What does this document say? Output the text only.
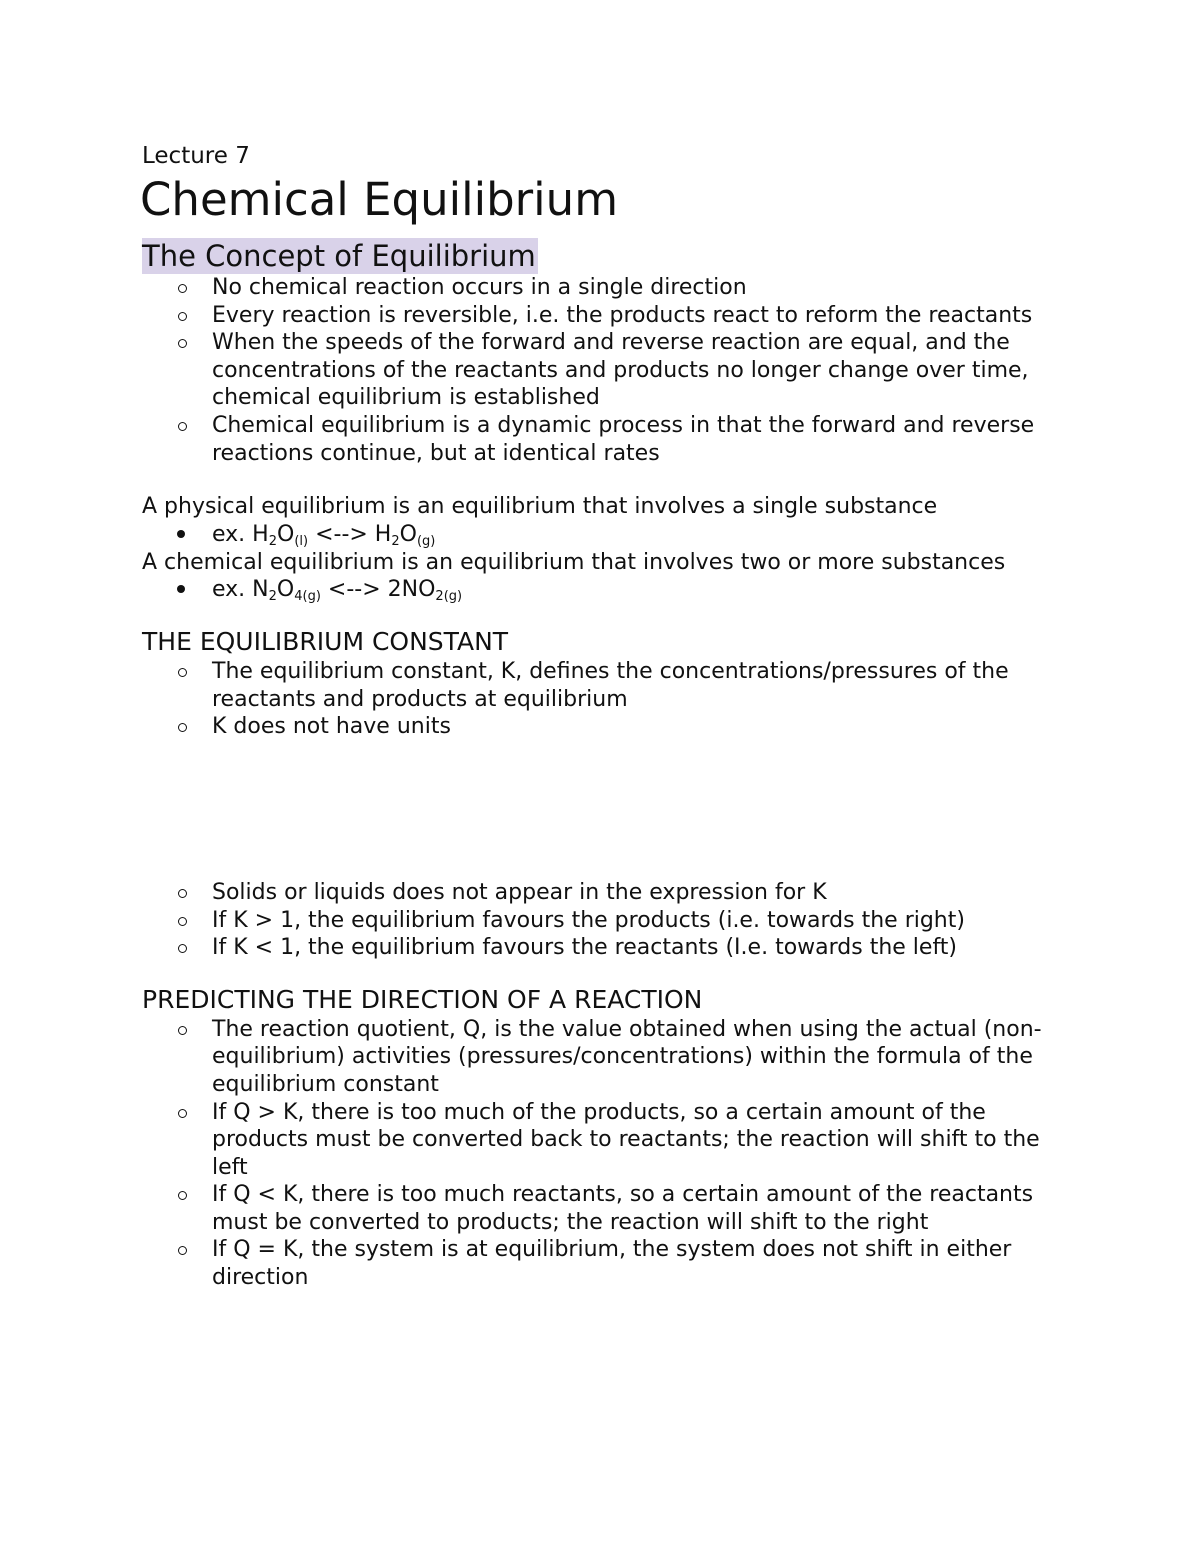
Lecture 7

Chemical Equilibrium
The Concept of Equilibrium
No chemical reaction occurs in a single direction
Every reaction is reversible, i.e. the products react to reform the reactants
When the speeds of the forward and reverse reaction are equal, and the concentrations of the reactants and products no longer change over time, chemical equilibrium is established
Chemical equilibrium is a dynamic process in that the forward and reverse reactions continue, but at identical rates

A physical equilibrium is an equilibrium that involves a single substance

ex. $H_2O_{(l)}$ <--> $H_2O_{(g)}$

A chemical equilibrium is an equilibrium that involves two or more substances

ex. $N_2O_{4(g)}$ <--> $2NO_{2(g)}$
THE EQUILIBRIUM CONSTANT
The equilibrium constant, K, defines the concentrations/pressures of the reactants and products at equilibrium
K does not have units
Solids or liquids does not appear in the expression for K
If K > 1, the equilibrium favours the products (i.e. towards the right)
If K < 1, the equilibrium favours the reactants (I.e. towards the left)
PREDICTING THE DIRECTION OF A REACTION
The reaction quotient, Q, is the value obtained when using the actual (non-equilibrium) activities (pressures/concentrations) within the formula of the equilibrium constant
If Q > K, there is too much of the products, so a certain amount of the products must be converted back to reactants; the reaction will shift to the left
If Q < K, there is too much reactants, so a certain amount of the reactants must be converted to products; the reaction will shift to the right
If Q = K, the system is at equilibrium, the system does not shift in either direction
